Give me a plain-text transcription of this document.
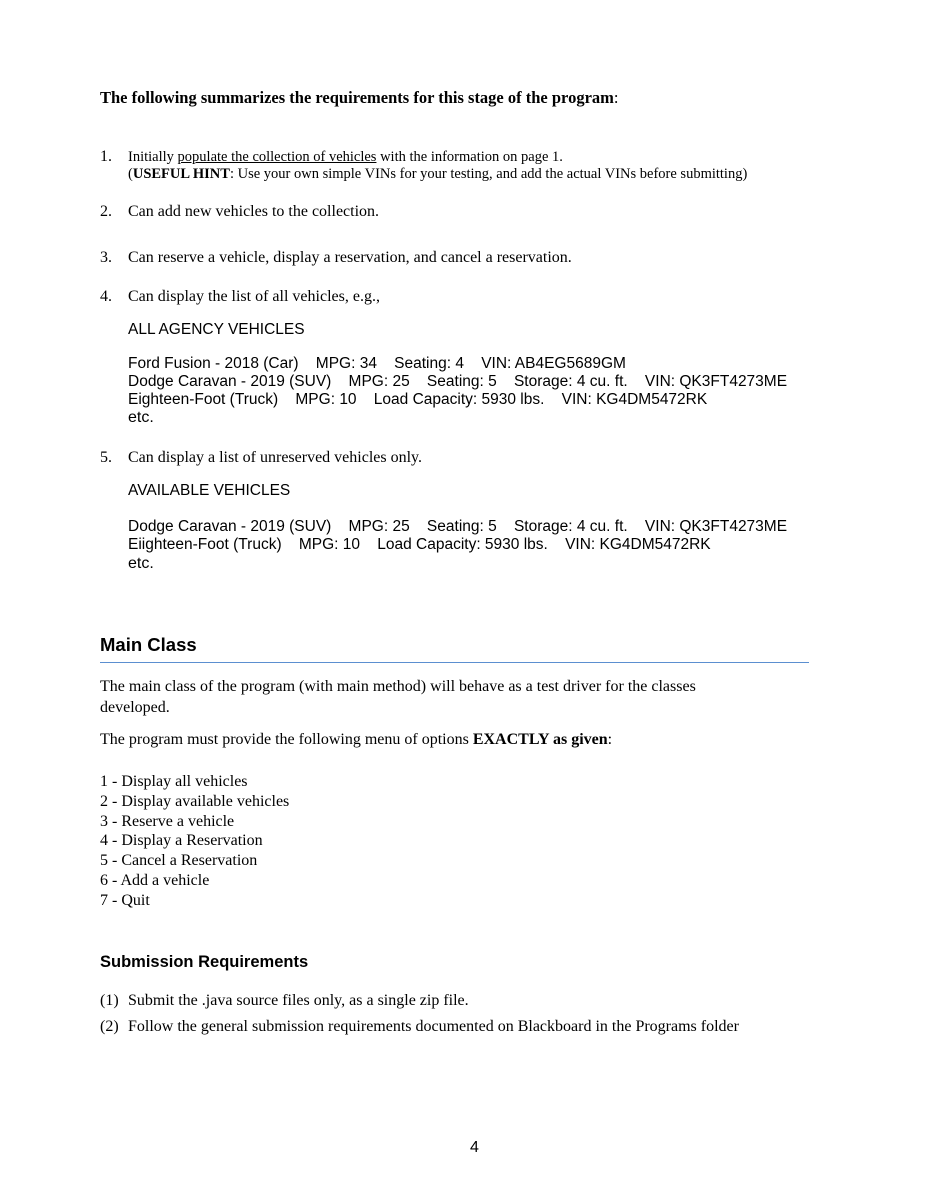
The following summarizes the requirements for this stage of the program:
1. Initially populate the collection of vehicles with the information on page 1.
(USEFUL HINT: Use your own simple VINs for your testing, and add the actual VINs before submitting)
2. Can add new vehicles to the collection.
3. Can reserve a vehicle, display a reservation, and cancel a reservation.
4. Can display the list of all vehicles, e.g.,
ALL AGENCY VEHICLES
Ford Fusion - 2018 (Car)    MPG: 34    Seating: 4    VIN: AB4EG5689GM
Dodge Caravan - 2019 (SUV)    MPG: 25    Seating: 5    Storage: 4 cu. ft.    VIN: QK3FT4273ME
Eighteen-Foot (Truck)    MPG: 10    Load Capacity: 5930 lbs.    VIN: KG4DM5472RK
etc.
5. Can display a list of unreserved vehicles only.
AVAILABLE VEHICLES
Dodge Caravan - 2019 (SUV)    MPG: 25    Seating: 5    Storage: 4 cu. ft.    VIN: QK3FT4273ME
Eiighteen-Foot (Truck)    MPG: 10    Load Capacity: 5930 lbs.    VIN: KG4DM5472RK
etc.
Main Class
The main class of the program (with main method) will behave as a test driver for the classes
developed.
The program must provide the following menu of options EXACTLY as given:
1 - Display all vehicles
2 - Display available vehicles
3 - Reserve a vehicle
4 - Display a Reservation
5 - Cancel a Reservation
6 - Add a vehicle
7 - Quit
Submission Requirements
(1) Submit the .java source files only, as a single zip file.
(2) Follow the general submission requirements documented on Blackboard in the Programs folder
4
